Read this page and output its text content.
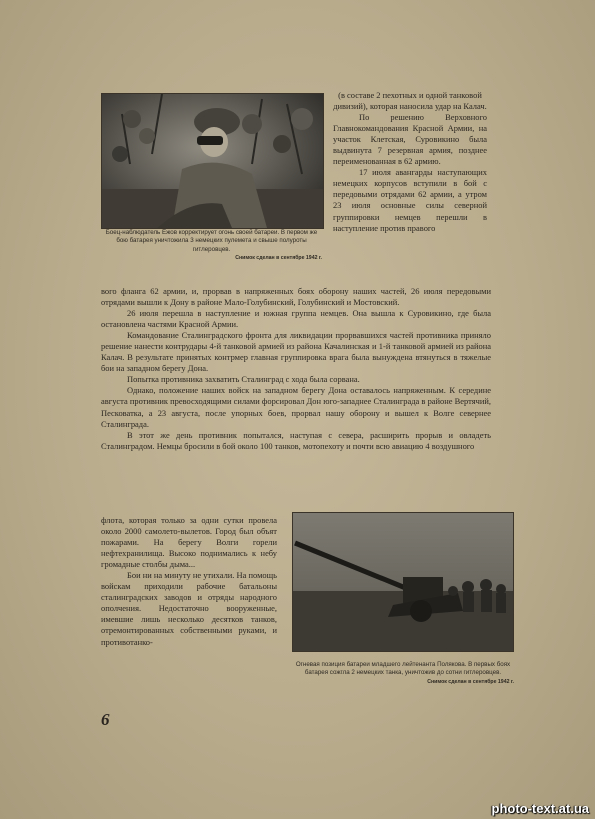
Боец-наблюдатель Ежов корректирует огонь своей батареи. В первом же бою батарея уничтожила 3 немецких пулемета и свыше полуроты гитлеровцев.
Снимок сделан в сентябре 1942 г.

(в составе 2 пехотных и одной танковой дивизий), которая наносила удар на Калач.

По решению Верховного Главнокомандования Красной Армии, на участок Клетская, Суровикино была выдвинута 7 резервная армия, позднее переименованная в 62 армию.

17 июля авангарды наступающих немецких корпусов вступили в бой с передовыми отрядами 62 армии, а утром 23 июля основные силы северной группировки немцев перешли в наступление против правого

вого фланга 62 армии, и, прорвав в напряженных боях оборону наших частей, 26 июля передовыми отрядами вышли к Дону в районе Мало-Голубинский, Голубинский и Мостовский.

26 июля перешла в наступление и южная группа немцев. Она вышла к Суровикино, где была остановлена частями Красной Армии.

Командование Сталинградского фронта для ликвидации прорвавшихся частей противника приняло решение нанести контрудары 4-й танковой армией из района Качалинская и 1-й танковой армией из района Калач. В результате принятых контрмер главная группировка врага была вынуждена втянуться в тяжелые бои на западном берегу Дона.

Попытка противника захватить Сталинград с хода была сорвана.

Однако, положение наших войск на западном берегу Дона оставалось напряженным. К середине августа противник превосходящими силами форсировал Дон юго-западнее Сталинграда в районе Вертячий, Песковатка, а 23 августа, после упорных боев, прорвал нашу оборону и вышел к Волге севернее Сталинграда.

В этот же день противник попытался, наступая с севера, расширить прорыв и овладеть Сталинградом. Немцы бросили в бой около 100 танков, мотопехоту и почти всю авиацию 4 воздушного

флота, которая только за одни сутки провела около 2000 самолето-вылетов. Город был объят пожарами. На берегу Волги горели нефтехранилища. Высоко поднимались к небу громадные столбы дыма...

Бои ни на минуту не утихали. На помощь войскам приходили рабочие батальоны сталинградских заводов и отряды народного ополчения. Недостаточно вооруженные, имевшие лишь несколько десятков танков, отремонтированных собственными руками, и противотанко-

Огневая позиция батареи младшего лейтенанта Полякова. В первых боях батарея сожгла 2 немецких танка, уничтожив до сотни гитлеровцев.
Снимок сделан в сентябре 1942 г.
6
photo-text.at.ua
